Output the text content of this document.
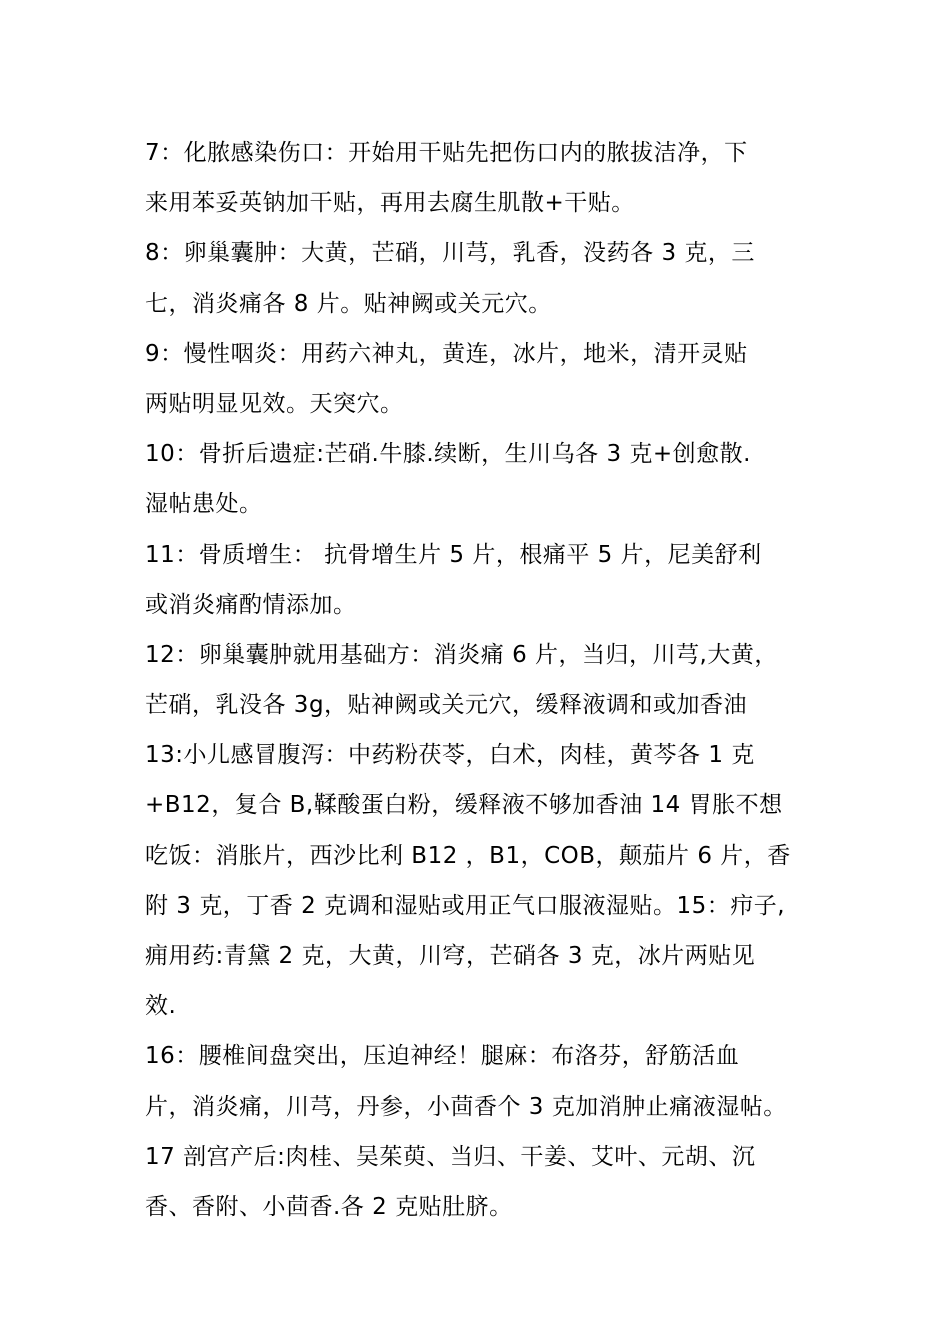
7：化脓感染伤口：开始用干贴先把伤口内的脓拔洁净，下
来用苯妥英钠加干贴，再用去腐生肌散+干贴。
8：卵巢囊肿：大黄，芒硝，川芎，乳香，没药各 3 克，三
七，消炎痛各 8 片。贴神阙或关元穴。
9：慢性咽炎：用药六神丸，黄连，冰片，地米，清开灵贴
两贴明显见效。天突穴。
10：骨折后遗症:芒硝.牛膝.续断，生川乌各 3 克+创愈散.
湿帖患处。
11：骨质增生： 抗骨增生片 5 片，根痛平 5 片，尼美舒利
或消炎痛酌情添加。
12：卵巢囊肿就用基础方：消炎痛 6 片，当归，川芎,大黄，
芒硝，乳没各 3g，贴神阙或关元穴，缓释液调和或加香油
13:小儿感冒腹泻：中药粉茯苓，白术，肉桂，黄芩各 1 克
+B12，复合 B,鞣酸蛋白粉，缓释液不够加香油 14 胃胀不想
吃饭：消胀片，西沙比利 B12 ，B1，COB，颠茄片 6 片，香
附 3 克，丁香 2 克调和湿贴或用正气口服液湿贴。15：疖子,
痈用药:青黛 2 克，大黄，川穹，芒硝各 3 克，冰片两贴见
效.
16：腰椎间盘突出，压迫神经！腿麻：布洛芬，舒筋活血
片，消炎痛，川芎，丹参，小茴香个 3 克加消肿止痛液湿帖。
17 剖宫产后:肉桂、吴茱萸、当归、干姜、艾叶、元胡、沉
香、香附、小茴香.各 2 克贴肚脐。
